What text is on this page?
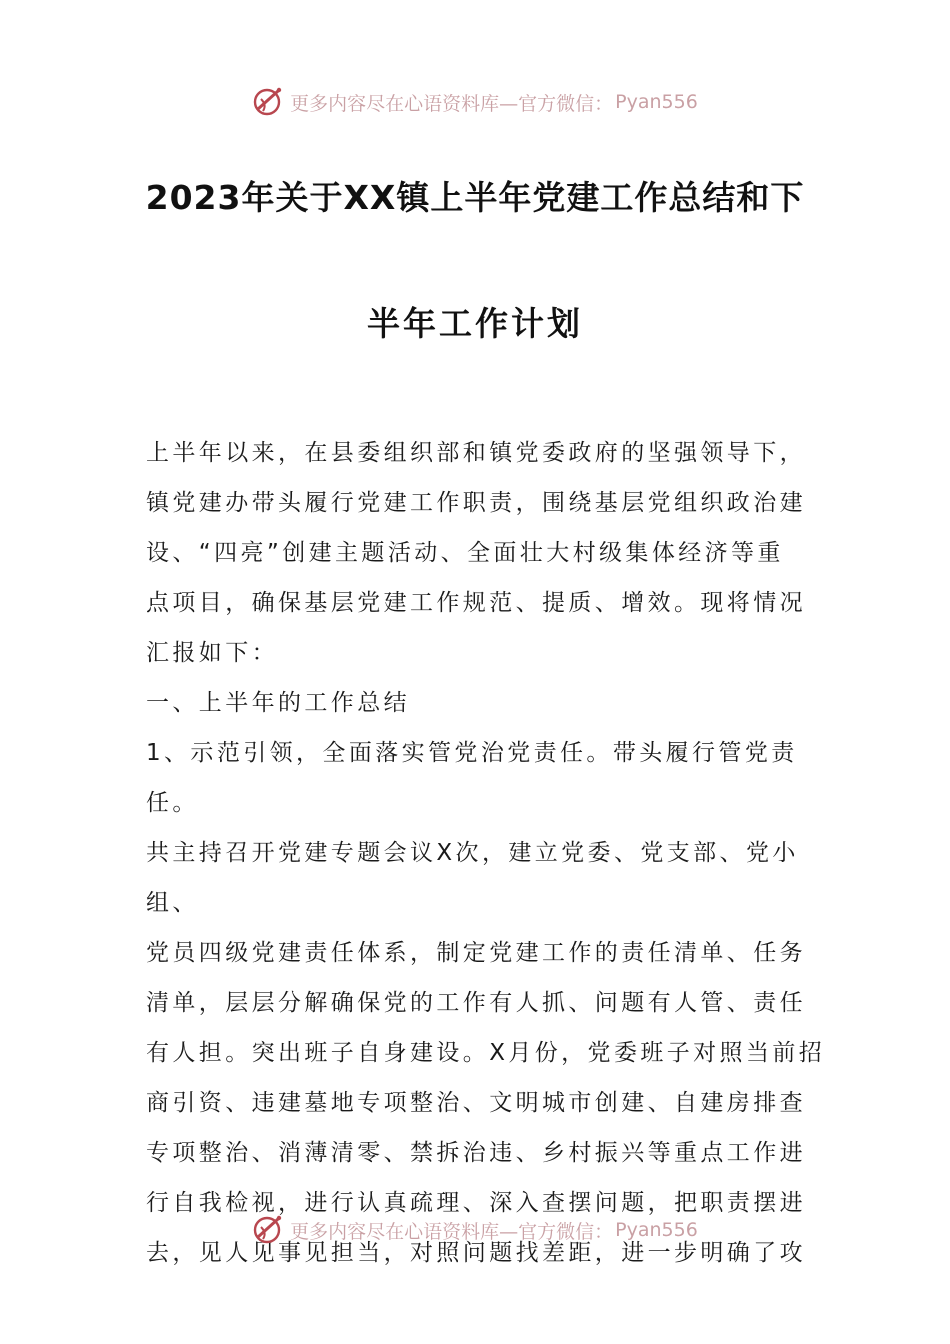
更多内容尽在心语资料库—官方微信： Pyan556
2023年关于XX镇上半年党建工作总结和下
半年工作计划

上半年以来，在县委组织部和镇党委政府的坚强领导下，

镇党建办带头履行党建工作职责，围绕基层党组织政治建

设、“四亮”创建主题活动、全面壮大村级集体经济等重

点项目，确保基层党建工作规范、提质、增效。现将情况

汇报如下：

一、上半年的工作总结

1、示范引领，全面落实管党治党责任。带头履行管党责任。

共主持召开党建专题会议X次，建立党委、党支部、党小组、

党员四级党建责任体系，制定党建工作的责任清单、任务

清单，层层分解确保党的工作有人抓、问题有人管、责任

有人担。突出班子自身建设。X月份，党委班子对照当前招

商引资、违建墓地专项整治、文明城市创建、自建房排查

专项整治、消薄清零、禁拆治违、乡村振兴等重点工作进

行自我检视，进行认真疏理、深入查摆问题，把职责摆进

去，见人见事见担当，对照问题找差距，进一步明确了攻

更多内容尽在心语资料库—官方微信： Pyan556
